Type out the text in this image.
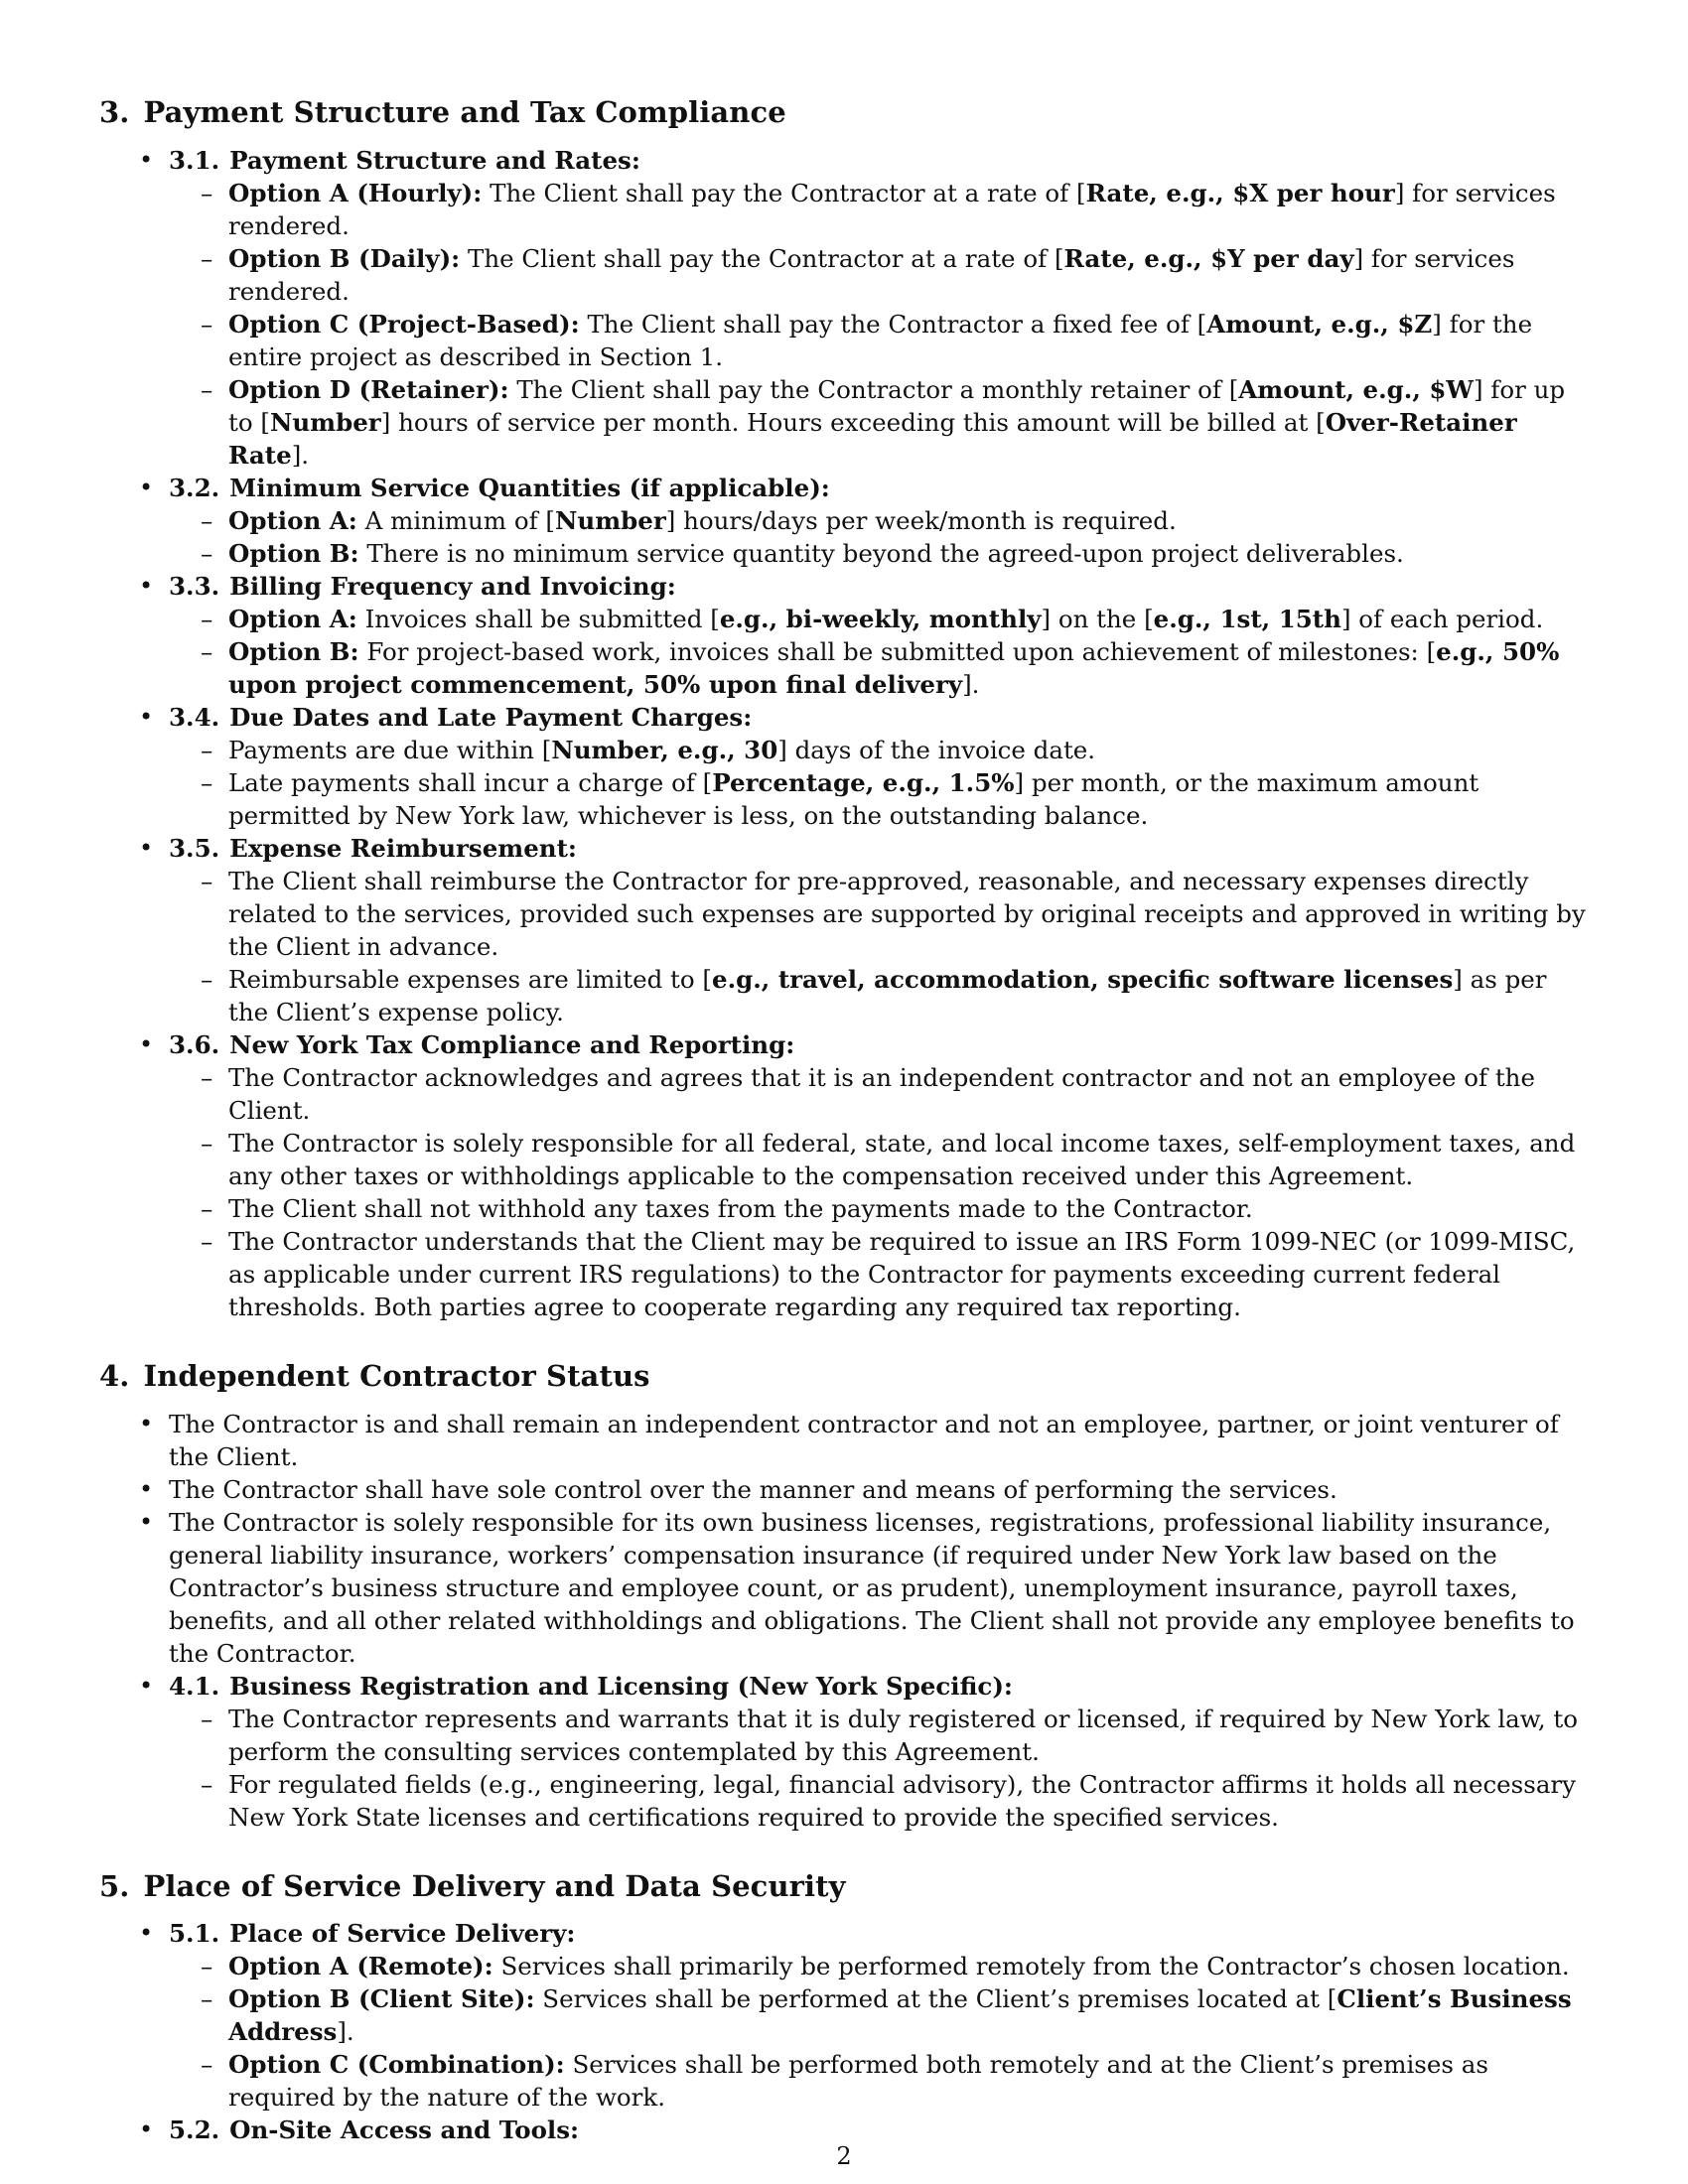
3. Payment Structure and Tax Compliance
• 3.1. Payment Structure and Rates:
– Option A (Hourly): The Client shall pay the Contractor at a rate of [Rate, e.g., $X per hour] for services rendered.
– Option B (Daily): The Client shall pay the Contractor at a rate of [Rate, e.g., $Y per day] for services rendered.
– Option C (Project-Based): The Client shall pay the Contractor a fixed fee of [Amount, e.g., $Z] for the entire project as described in Section 1.
– Option D (Retainer): The Client shall pay the Contractor a monthly retainer of [Amount, e.g., $W] for up to [Number] hours of service per month. Hours exceeding this amount will be billed at [Over-Retainer Rate].
• 3.2. Minimum Service Quantities (if applicable):
– Option A: A minimum of [Number] hours/days per week/month is required.
– Option B: There is no minimum service quantity beyond the agreed-upon project deliverables.
• 3.3. Billing Frequency and Invoicing:
– Option A: Invoices shall be submitted [e.g., bi-weekly, monthly] on the [e.g., 1st, 15th] of each period.
– Option B: For project-based work, invoices shall be submitted upon achievement of milestones: [e.g., 50% upon project commencement, 50% upon final delivery].
• 3.4. Due Dates and Late Payment Charges:
– Payments are due within [Number, e.g., 30] days of the invoice date.
– Late payments shall incur a charge of [Percentage, e.g., 1.5%] per month, or the maximum amount permitted by New York law, whichever is less, on the outstanding balance.
• 3.5. Expense Reimbursement:
– The Client shall reimburse the Contractor for pre-approved, reasonable, and necessary expenses directly related to the services, provided such expenses are supported by original receipts and approved in writing by the Client in advance.
– Reimbursable expenses are limited to [e.g., travel, accommodation, specific software licenses] as per the Client’s expense policy.
• 3.6. New York Tax Compliance and Reporting:
– The Contractor acknowledges and agrees that it is an independent contractor and not an employee of the Client.
– The Contractor is solely responsible for all federal, state, and local income taxes, self-employment taxes, and any other taxes or withholdings applicable to the compensation received under this Agreement.
– The Client shall not withhold any taxes from the payments made to the Contractor.
– The Contractor understands that the Client may be required to issue an IRS Form 1099-NEC (or 1099-MISC, as applicable under current IRS regulations) to the Contractor for payments exceeding current federal thresholds. Both parties agree to cooperate regarding any required tax reporting.
4. Independent Contractor Status
• The Contractor is and shall remain an independent contractor and not an employee, partner, or joint venturer of the Client.
• The Contractor shall have sole control over the manner and means of performing the services.
• The Contractor is solely responsible for its own business licenses, registrations, professional liability insurance, general liability insurance, workers’ compensation insurance (if required under New York law based on the Contractor’s business structure and employee count, or as prudent), unemployment insurance, payroll taxes, benefits, and all other related withholdings and obligations. The Client shall not provide any employee benefits to the Contractor.
• 4.1. Business Registration and Licensing (New York Specific):
– The Contractor represents and warrants that it is duly registered or licensed, if required by New York law, to perform the consulting services contemplated by this Agreement.
– For regulated fields (e.g., engineering, legal, financial advisory), the Contractor affirms it holds all necessary New York State licenses and certifications required to provide the specified services.
5. Place of Service Delivery and Data Security
• 5.1. Place of Service Delivery:
– Option A (Remote): Services shall primarily be performed remotely from the Contractor’s chosen location.
– Option B (Client Site): Services shall be performed at the Client’s premises located at [Client’s Business Address].
– Option C (Combination): Services shall be performed both remotely and at the Client’s premises as required by the nature of the work.
• 5.2. On-Site Access and Tools:
2
